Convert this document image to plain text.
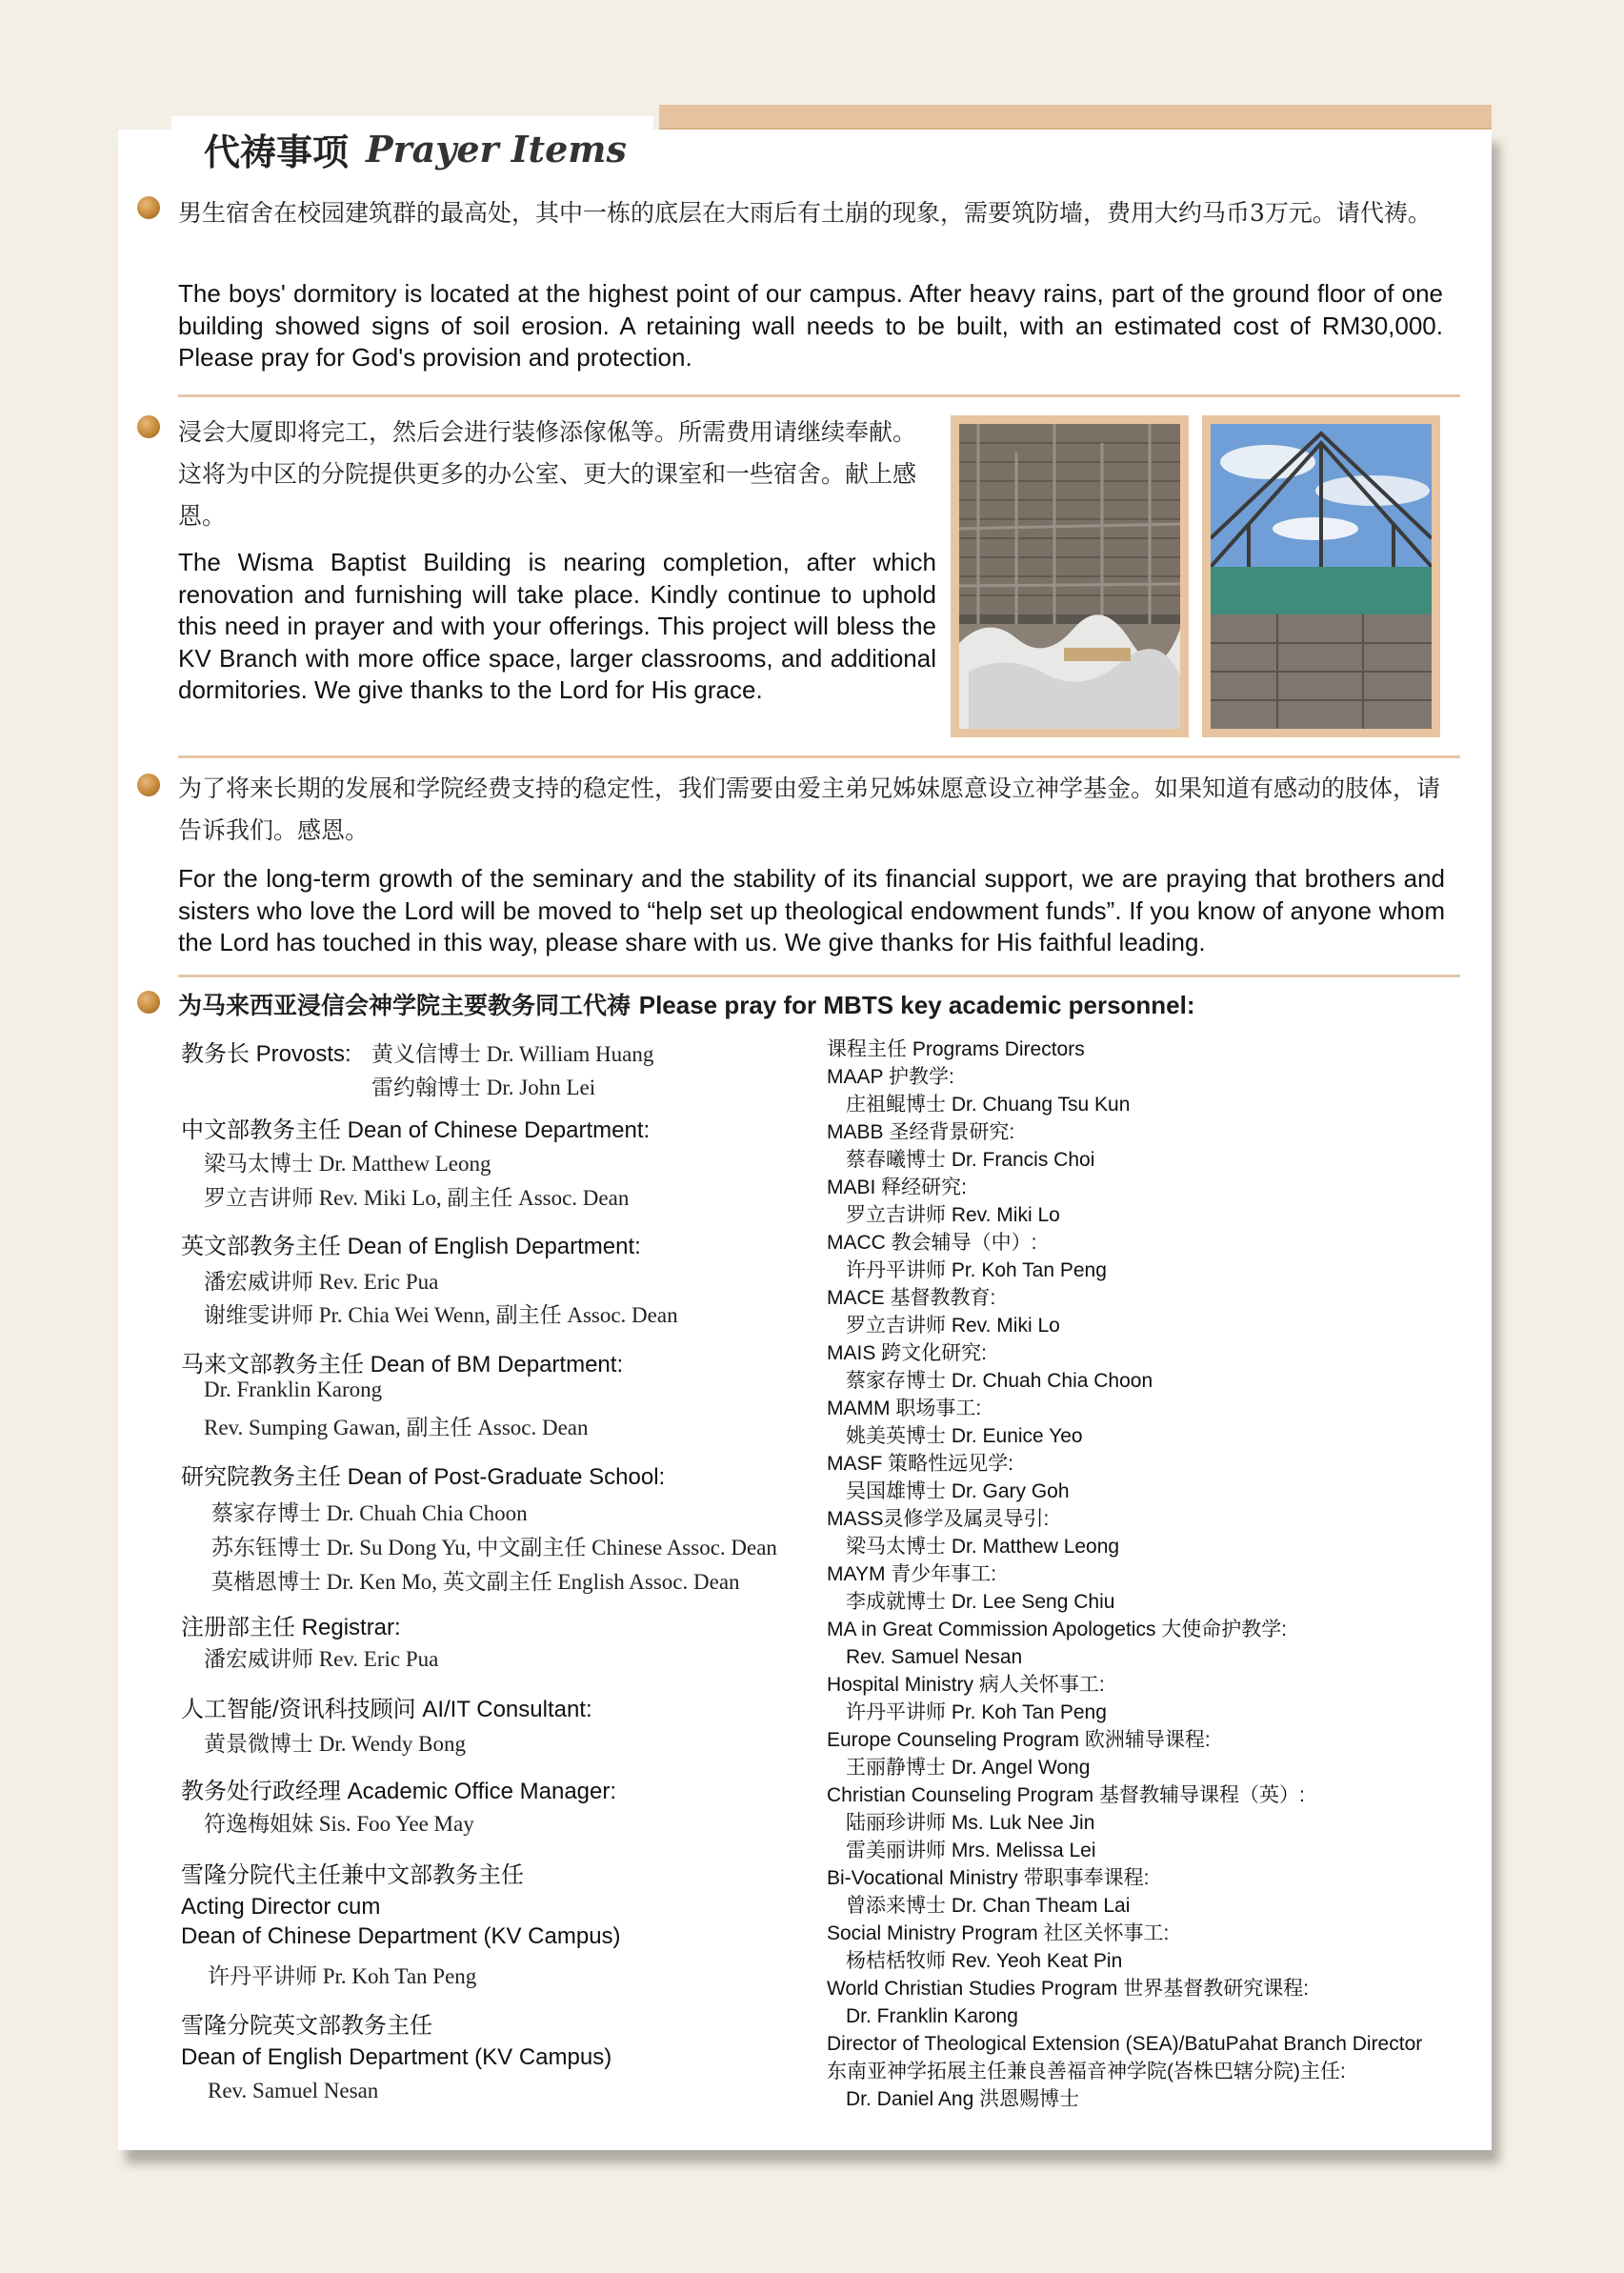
代祷事项 Prayer Items
男生宿舍在校园建筑群的最高处，其中一栋的底层在大雨后有土崩的现象，需要筑防墙，费用大约马币3万元。请代祷。
The boys' dormitory is located at the highest point of our campus. After heavy rains, part of the ground floor of one building showed signs of soil erosion. A retaining wall needs to be built, with an estimated cost of RM30,000. Please pray for God's provision and protection.
浸会大厦即将完工，然后会进行装修添傢俬等。所需费用请继续奉献。这将为中区的分院提供更多的办公室、更大的课室和一些宿舍。献上感恩。
The Wisma Baptist Building is nearing completion, after which renovation and furnishing will take place. Kindly continue to uphold this need in prayer and with your offerings. This project will bless the KV Branch with more office space, larger classrooms, and additional dormitories. We give thanks to the Lord for His grace.
为了将来长期的发展和学院经费支持的稳定性，我们需要由爱主弟兄姊妹愿意设立神学基金。如果知道有感动的肢体，请告诉我们。感恩。
For the long-term growth of the seminary and the stability of its financial support, we are praying that brothers and sisters who love the Lord will be moved to “help set up theological endowment funds”. If you know of anyone whom the Lord has touched in this way, please share with us. We give thanks for His faithful leading.
为马来西亚浸信会神学院主要教务同工代祷 Please pray for MBTS key academic personnel:
教务长 Provosts: 黄义信博士 Dr. William Huang
雷约翰博士 Dr. John Lei
中文部教务主任 Dean of Chinese Department:
梁马太博士 Dr. Matthew Leong
罗立吉讲师 Rev. Miki Lo, 副主任 Assoc. Dean
英文部教务主任 Dean of English Department:
潘宏威讲师 Rev. Eric Pua
谢维雯讲师 Pr. Chia Wei Wenn, 副主任 Assoc. Dean
马来文部教务主任 Dean of BM Department:
Dr. Franklin Karong
Rev. Sumping Gawan, 副主任 Assoc. Dean
研究院教务主任 Dean of Post-Graduate School:
蔡家存博士 Dr. Chuah Chia Choon
苏东钰博士 Dr. Su Dong Yu, 中文副主任 Chinese Assoc. Dean
莫楷恩博士 Dr. Ken Mo, 英文副主任 English Assoc. Dean
注册部主任 Registrar:
潘宏威讲师 Rev. Eric Pua
人工智能/资讯科技顾问 AI/IT Consultant:
黄景微博士 Dr. Wendy Bong
教务处行政经理 Academic Office Manager:
符逸梅姐妹 Sis. Foo Yee May
雪隆分院代主任兼中文部教务主任
Acting Director cum
Dean of Chinese Department (KV Campus)
许丹平讲师 Pr. Koh Tan Peng
雪隆分院英文部教务主任
Dean of English Department (KV Campus)
Rev. Samuel Nesan
课程主任 Programs Directors
MAAP 护教学:
庄祖鲲博士 Dr. Chuang Tsu Kun
MABB 圣经背景研究:
蔡春曦博士 Dr. Francis Choi
MABI 释经研究:
罗立吉讲师 Rev. Miki Lo
MACC 教会辅导（中）:
许丹平讲师 Pr. Koh Tan Peng
MACE 基督教教育:
罗立吉讲师 Rev. Miki Lo
MAIS 跨文化研究:
蔡家存博士 Dr. Chuah Chia Choon
MAMM 职场事工:
姚美英博士 Dr. Eunice Yeo
MASF 策略性远见学:
吴国雄博士 Dr. Gary Goh
MASS灵修学及属灵导引:
梁马太博士 Dr. Matthew Leong
MAYM 青少年事工:
李成就博士 Dr. Lee Seng Chiu
MA in Great Commission Apologetics 大使命护教学:
Rev. Samuel Nesan
Hospital Ministry 病人关怀事工:
许丹平讲师 Pr. Koh Tan Peng
Europe Counseling Program 欧洲辅导课程:
王丽静博士 Dr. Angel Wong
Christian Counseling Program 基督教辅导课程（英）:
陆丽珍讲师 Ms. Luk Nee Jin
雷美丽讲师 Mrs. Melissa Lei
Bi-Vocational Ministry 带职事奉课程:
曾添来博士 Dr. Chan Theam Lai
Social Ministry Program 社区关怀事工:
杨桔栝牧师 Rev. Yeoh Keat Pin
World Christian Studies Program 世界基督教研究课程:
Dr. Franklin Karong
Director of Theological Extension (SEA)/BatuPahat Branch Director
东南亚神学拓展主任兼良善福音神学院(峇株巴辖分院)主任:
Dr. Daniel Ang 洪恩赐博士
